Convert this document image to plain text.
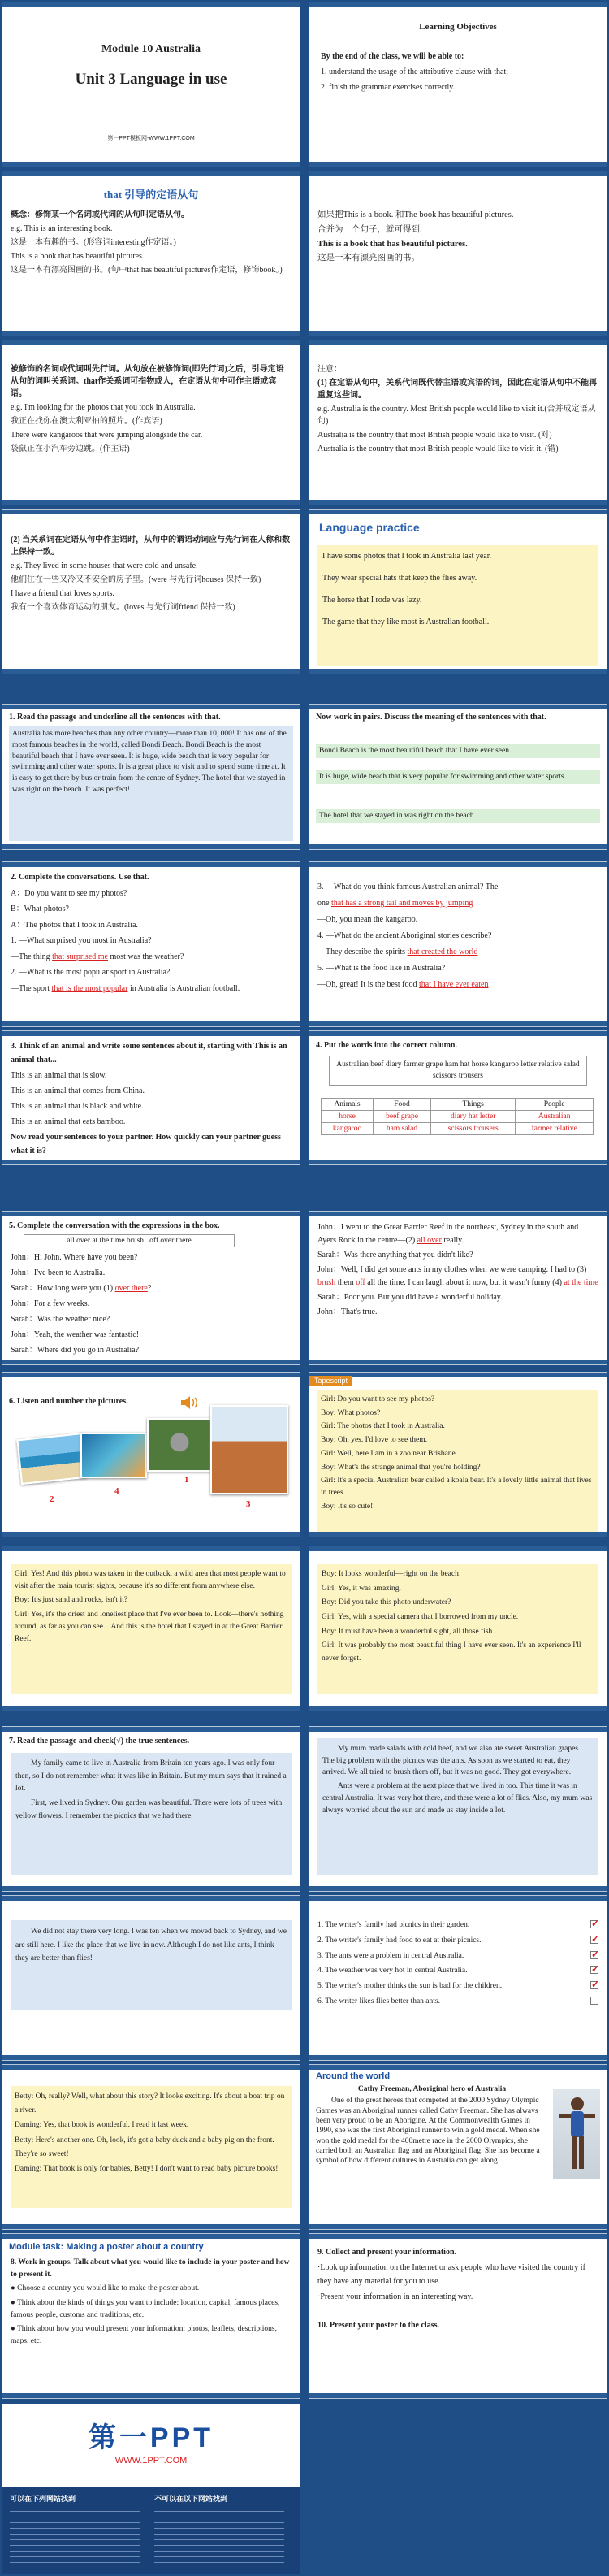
Module 10 Australia
Unit 3 Language in use
第一PPT模板网-WWW.1PPT.COM
Learning Objectives

By the end of the class, we will be able to:

1. understand the usage of the attributive clause with that;

2. finish the grammar exercises correctly.

that 引导的定语从句

概念：修饰某一个名词或代词的从句叫定语从句。

e.g. This is an interesting book.

这是一本有趣的书。(形容词interesting作定语。)

This is a book that has beautiful pictures.

这是一本有漂亮图画的书。(句中that has beautiful pictures作定语，修饰book。)

如果把This is a book. 和The book has beautiful pictures.

合并为一个句子，就可得到:

This is a book that has beautiful pictures.

这是一本有漂亮图画的书。

被修饰的名词或代词叫先行词。从句放在被修饰词(即先行词)之后，引导定语从句的词叫关系词。that作关系词可指物或人，在定语从句中可作主语或宾语。

e.g. I'm looking for the photos that you took in Australia.

我正在找你在澳大利亚拍的照片。(作宾语)

There were kangaroos that were jumping alongside the car.

袋鼠正在小汽车旁边跳。(作主语)

注意：

(1) 在定语从句中，关系代词既代替主语或宾语的词，因此在定语从句中不能再重复这些词。

e.g. Australia is the country. Most British people would like to visit it.(合并成定语从句)

Australia is the country that most British people would like to visit. (对)

Australia is the country that most British people would like to visit it. (错)

(2) 当关系词在定语从句中作主语时，从句中的谓语动词应与先行词在人称和数上保持一致。

e.g. They lived in some houses that were cold and unsafe.

他们住在一些又冷又不安全的房子里。(were 与先行词houses 保持一致)

I have a friend that loves sports.

我有一个喜欢体育运动的朋友。(loves 与先行词friend 保持一致)

Language practice

I have some photos that I took in Australia last year.

They wear special hats that keep the flies away.

The horse that I rode was lazy.

The game that they like most is Australian football.

1. Read the passage and underline all the sentences with that.
Australia has more beaches than any other country—more than 10, 000! It has one of the most famous beaches in the world, called Bondi Beach. Bondi Beach is the most beautiful beach that I have ever seen. It is huge, wide beach that is very popular for swimming and other water sports. It is a great place to visit and to spend some time at. It is easy to get there by bus or train from the centre of Sydney. The hotel that we stayed in was right on the beach. It was perfect!
Now work in pairs. Discuss the meaning of the sentences with that.
Bondi Beach is the most beautiful beach that I have ever seen.
It is huge, wide beach that is very popular for swimming and other water sports.
The hotel that we stayed in was right on the beach.

2. Complete the conversations. Use that.

A：Do you want to see my photos?

B：What photos?

A：The photos that I took in Australia.

1. —What surprised you most in Australia?

—The thing that surprised me most was the weather?

2. —What is the most popular sport in Australia?

—The sport that is the most popular in Australia is Australian football.

3. —What do you think famous Australian animal? The

one that has a strong tail and moves by jumping

—Oh, you mean the kangaroo.

4. —What do the ancient Aboriginal stories describe?

—They describe the spirits that created the world

5. —What is the food like in Australia?

—Oh, great! It is the best food that I have ever eaten

3. Think of an animal and write some sentences about it, starting with This is an animal that...

This is an animal that is slow.

This is an animal that comes from China.

This is an animal that is black and white.

This is an animal that eats bamboo.

Now read your sentences to your partner. How quickly can your partner guess what it is?

4. Put the words into the correct column.
Australian beef diary farmer grape ham hat horse kangaroo letter relative salad scissors trousers
Animals	Food	Things	People
horse	beef grape	diary hat letter	Australian
kangaroo	ham salad	scissors trousers	farmer relative
5. Complete the conversation with the expressions in the box.
all over at the time brush...off over there

John：Hi John. Where have you been?

John：I've been to Australia.

Sarah：How long were you (1) over there?

John：For a few weeks.

Sarah：Was the weather nice?

John：Yeah, the weather was fantastic!

Sarah：Where did you go in Australia?

John：I went to the Great Barrier Reef in the northeast, Sydney in the south and Ayers Rock in the centre—(2) all over really.

Sarah：Was there anything that you didn't like?

John：Well, I did get some ants in my clothes when we were camping. I had to (3) brush them off all the time. I can laugh about it now, but it wasn't funny (4) at the time

Sarah：Poor you. But you did have a wonderful holiday.

John：That's true.

6. Listen and number the pictures.
2
4
1
3
Tapescript

Girl: Do you want to see my photos?

Boy: What photos?

Girl: The photos that I took in Australia.

Boy: Oh, yes. I'd love to see them.

Girl: Well, here I am in a zoo near Brisbane.

Boy: What's the strange animal that you're holding?

Girl: It's a special Australian bear called a koala bear. It's a lovely little animal that lives in trees.

Boy: It's so cute!

Girl: Yes! And this photo was taken in the outback, a wild area that most people want to visit after the main tourist sights, because it's so different from anywhere else.

Boy: It's just sand and rocks, isn't it?

Girl: Yes, it's the driest and loneliest place that I've ever been to. Look—there's nothing around, as far as you can see…And this is the hotel that I stayed in at the Great Barrier Reef.

Boy: It looks wonderful—right on the beach!

Girl: Yes, it was amazing.

Boy: Did you take this photo underwater?

Girl: Yes, with a special camera that I borrowed from my uncle.

Boy: It must have been a wonderful sight, all those fish…

Girl: It was probably the most beautiful thing I have ever seen. It's an experience I'll never forget.

7. Read the passage and check(√) the true sentences.

My family came to live in Australia from Britain ten years ago. I was only four then, so I do not remember what it was like in Britain. But my mum says that it rained a lot.

First, we lived in Sydney. Our garden was beautiful. There were lots of trees with yellow flowers. I remember the picnics that we had there.

My mum made salads with cold beef, and we also ate sweet Australian grapes. The big problem with the picnics was the ants. As soon as we started to eat, they arrived. We all tried to brush them off, but it was no good. They got everywhere.

Ants were a problem at the next place that we lived in too. This time it was in central Australia. It was very hot there, and there were a lot of flies. Also, my mum was always worried about the sun and made us stay inside a lot.

We did not stay there very long. I was ten when we moved back to Sydney, and we are still here. I like the place that we live in now. Although I do not like ants, I think they are better than flies!

1. The writer's family had picnics in their garden.
✓

2. The writer's family had food to eat at their picnics.
✓

3. The ants were a problem in central Australia.
✓

4. The weather was very hot in central Australia.
✓

5. The writer's mother thinks the sun is bad for the children.
✓

6. The writer likes flies better than ants.

Betty: Oh, really? Well, what about this story? It looks exciting. It's about a boat trip on a river.

Daming: Yes, that book is wonderful. I read it last week.

Betty: Here's another one. Oh, look, it's got a baby duck and a baby pig on the front. They're so sweet!

Daming: That book is only for babies, Betty! I don't want to read baby picture books!

Around the world

Cathy Freeman, Aboriginal hero of Australia

One of the great heroes that competed at the 2000 Sydney Olympic Games was an Aboriginal runner called Cathy Freeman. She has always been very proud to be an Aborigine. At the Commonwealth Games in 1990, she was the first Aboriginal runner to win a gold medal. When she won the gold medal for the 400metre race in the 2000 Olympics, she carried both an Australian flag and an Aboriginal flag. She has become a symbol of how different cultures in Australia can get along.

Module task: Making a poster about a country

8. Work in groups. Talk about what you would like to include in your poster and how to present it.

● Choose a country you would like to make the poster about.

● Think about the kinds of things you want to include: location, capital, famous places, famous people, customs and traditions, etc.

● Think about how you would present your information: photos, leaflets, descriptions, maps, etc.

9. Collect and present your information.

·Look up information on the Internet or ask people who have visited the country if they have any material for you to use.

·Present your information in an interesting way.

10. Present your poster to the class.

第一PPT
WWW.1PPT.COM
可以在下列网站找到	不可以在以下网站找到
